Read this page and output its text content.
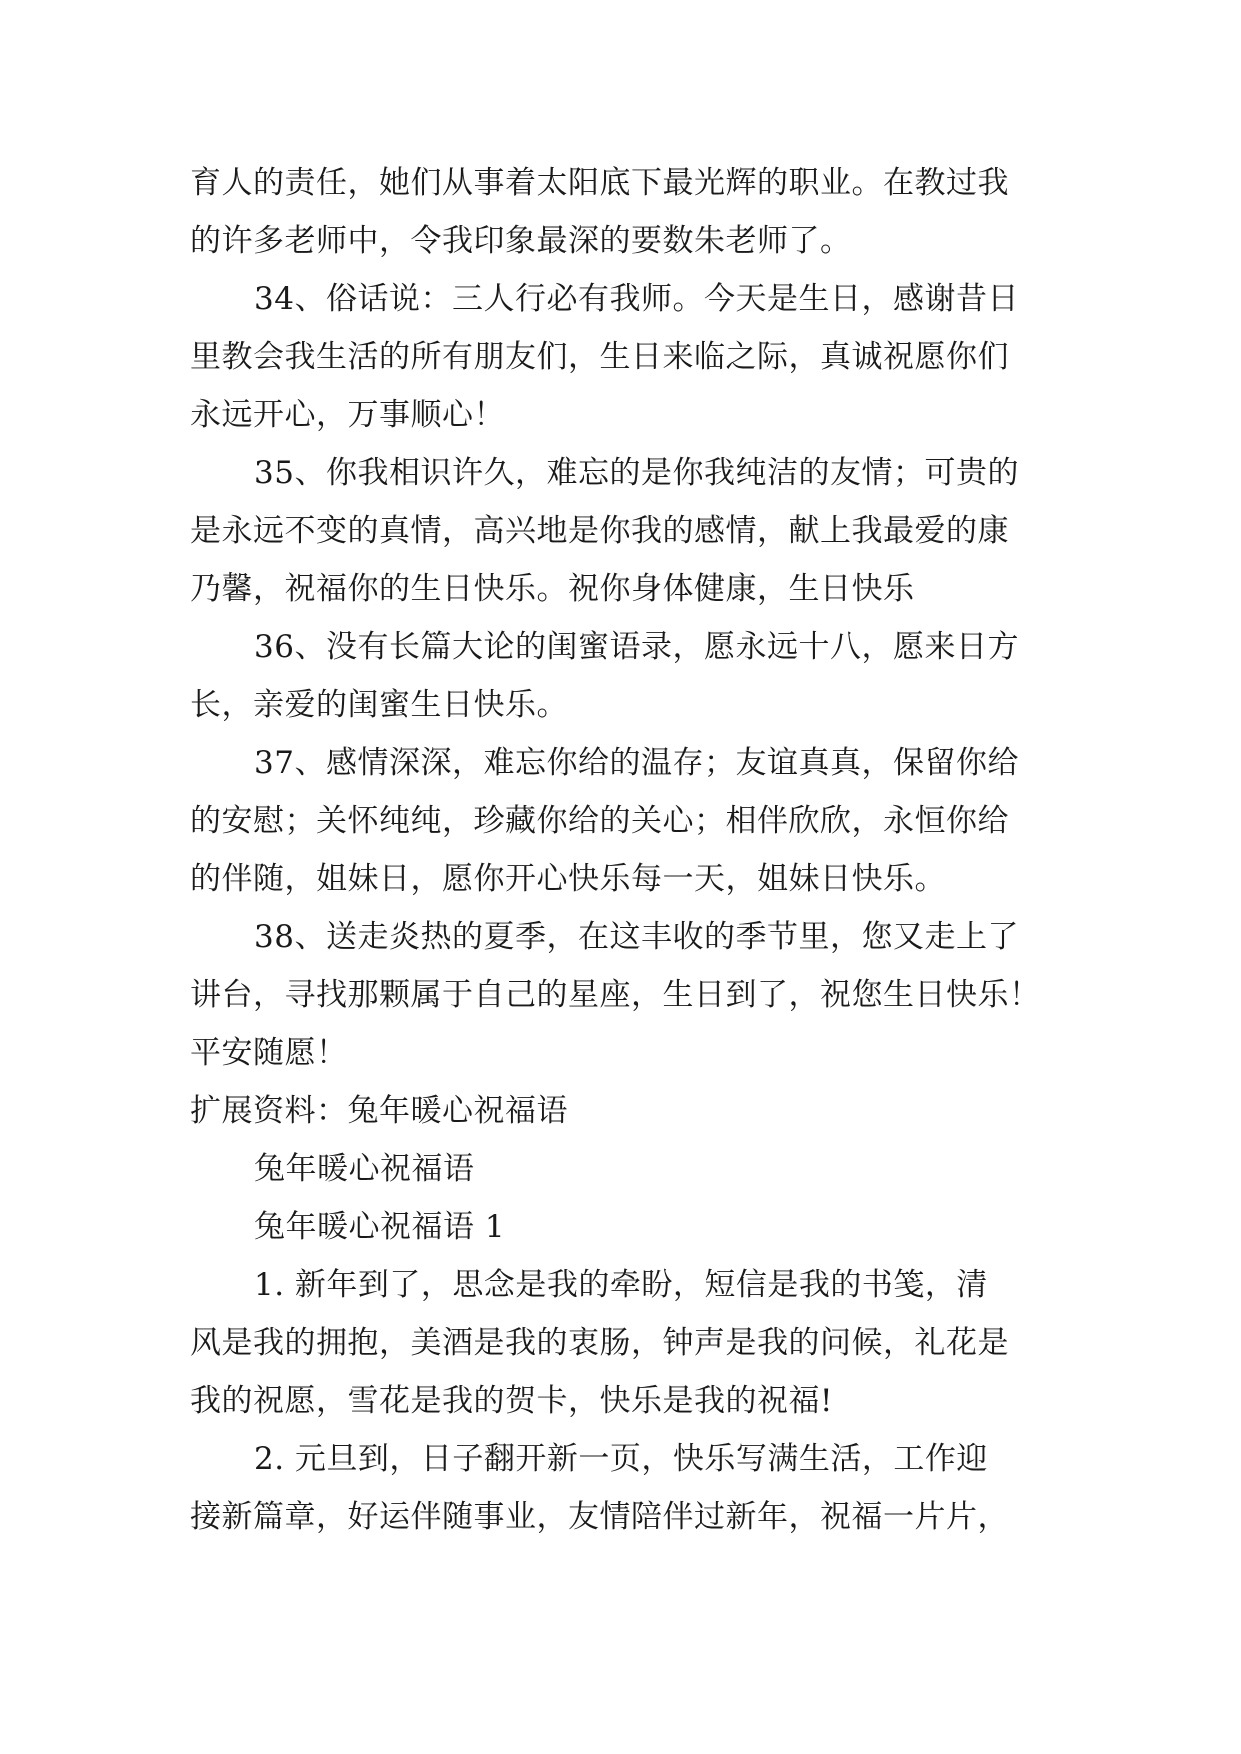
育人的责任，她们从事着太阳底下最光辉的职业。在教过我
的许多老师中，令我印象最深的要数朱老师了。
34、俗话说：三人行必有我师。今天是生日，感谢昔日
里教会我生活的所有朋友们，生日来临之际，真诚祝愿你们
永远开心，万事顺心！
35、你我相识许久，难忘的是你我纯洁的友情；可贵的
是永远不变的真情，高兴地是你我的感情，献上我最爱的康
乃馨，祝福你的生日快乐。祝你身体健康，生日快乐
36、没有长篇大论的闺蜜语录，愿永远十八，愿来日方
长，亲爱的闺蜜生日快乐。
37、感情深深，难忘你给的温存；友谊真真，保留你给
的安慰；关怀纯纯，珍藏你给的关心；相伴欣欣，永恒你给
的伴随，姐妹日，愿你开心快乐每一天，姐妹日快乐。
38、送走炎热的夏季，在这丰收的季节里，您又走上了
讲台，寻找那颗属于自己的星座，生日到了，祝您生日快乐！
平安随愿！
扩展资料：兔年暖心祝福语
兔年暖心祝福语
兔年暖心祝福语 1
1. 新年到了，思念是我的牵盼，短信是我的书笺，清
风是我的拥抱，美酒是我的衷肠，钟声是我的问候，礼花是
我的祝愿，雪花是我的贺卡，快乐是我的祝福!
2. 元旦到，日子翻开新一页，快乐写满生活，工作迎
接新篇章，好运伴随事业，友情陪伴过新年，祝福一片片，
